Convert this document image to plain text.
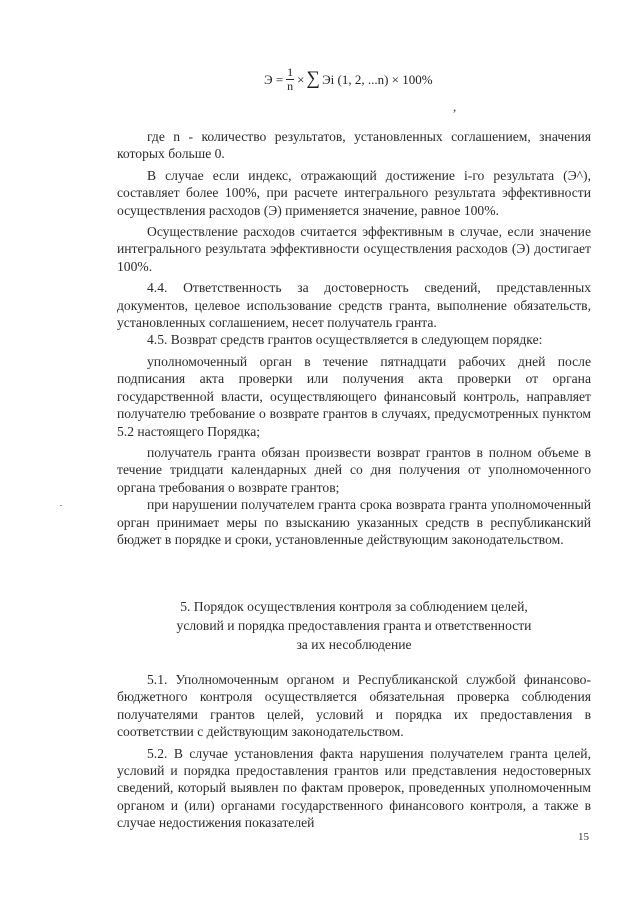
$Э = \frac{1}{n}$ × ∑ Эi (1, 2, ...n) × 100%
,

где n - количество результатов, установленных соглашением, значения которых больше 0.

В случае если индекс, отражающий достижение i-го результата (Э^), составляет более 100%, при расчете интегрального результата эффективности осуществления расходов (Э) применяется значение, равное 100%.

Осуществление расходов считается эффективным в случае, если значение интегрального результата эффективности осуществления расходов (Э) достигает 100%.

4.4. Ответственность за достоверность сведений, представленных документов, целевое использование средств гранта, выполнение обязательств, установленных соглашением, несет получатель гранта.

4.5. Возврат средств грантов осуществляется в следующем порядке:

уполномоченный орган в течение пятнадцати рабочих дней после подписания акта проверки или получения акта проверки от органа государственной власти, осуществляющего финансовый контроль, направляет получателю требование о возврате грантов в случаях, предусмотренных пунктом 5.2 настоящего Порядка;

получатель гранта обязан произвести возврат грантов в полном объеме в течение тридцати календарных дней со дня получения от уполномоченного органа требования о возврате грантов;

при нарушении получателем гранта срока возврата гранта уполномоченный орган принимает меры по взысканию указанных средств в республиканский бюджет в порядке и сроки, установленные действующим законодательством.

5. Порядок осуществления контроля за соблюдением целей,
условий и порядка предоставления гранта и ответственности
за их несоблюдение

5.1. Уполномоченным органом и Республиканской службой финансово-бюджетного контроля осуществляется обязательная проверка соблюдения получателями грантов целей, условий и порядка их предоставления в соответствии с действующим законодательством.

5.2. В случае установления факта нарушения получателем гранта целей, условий и порядка предоставления грантов или представления недостоверных сведений, который выявлен по фактам проверок, проведенных уполномоченным органом и (или) органами государственного финансового контроля, а также в случае недостижения показателей

15
